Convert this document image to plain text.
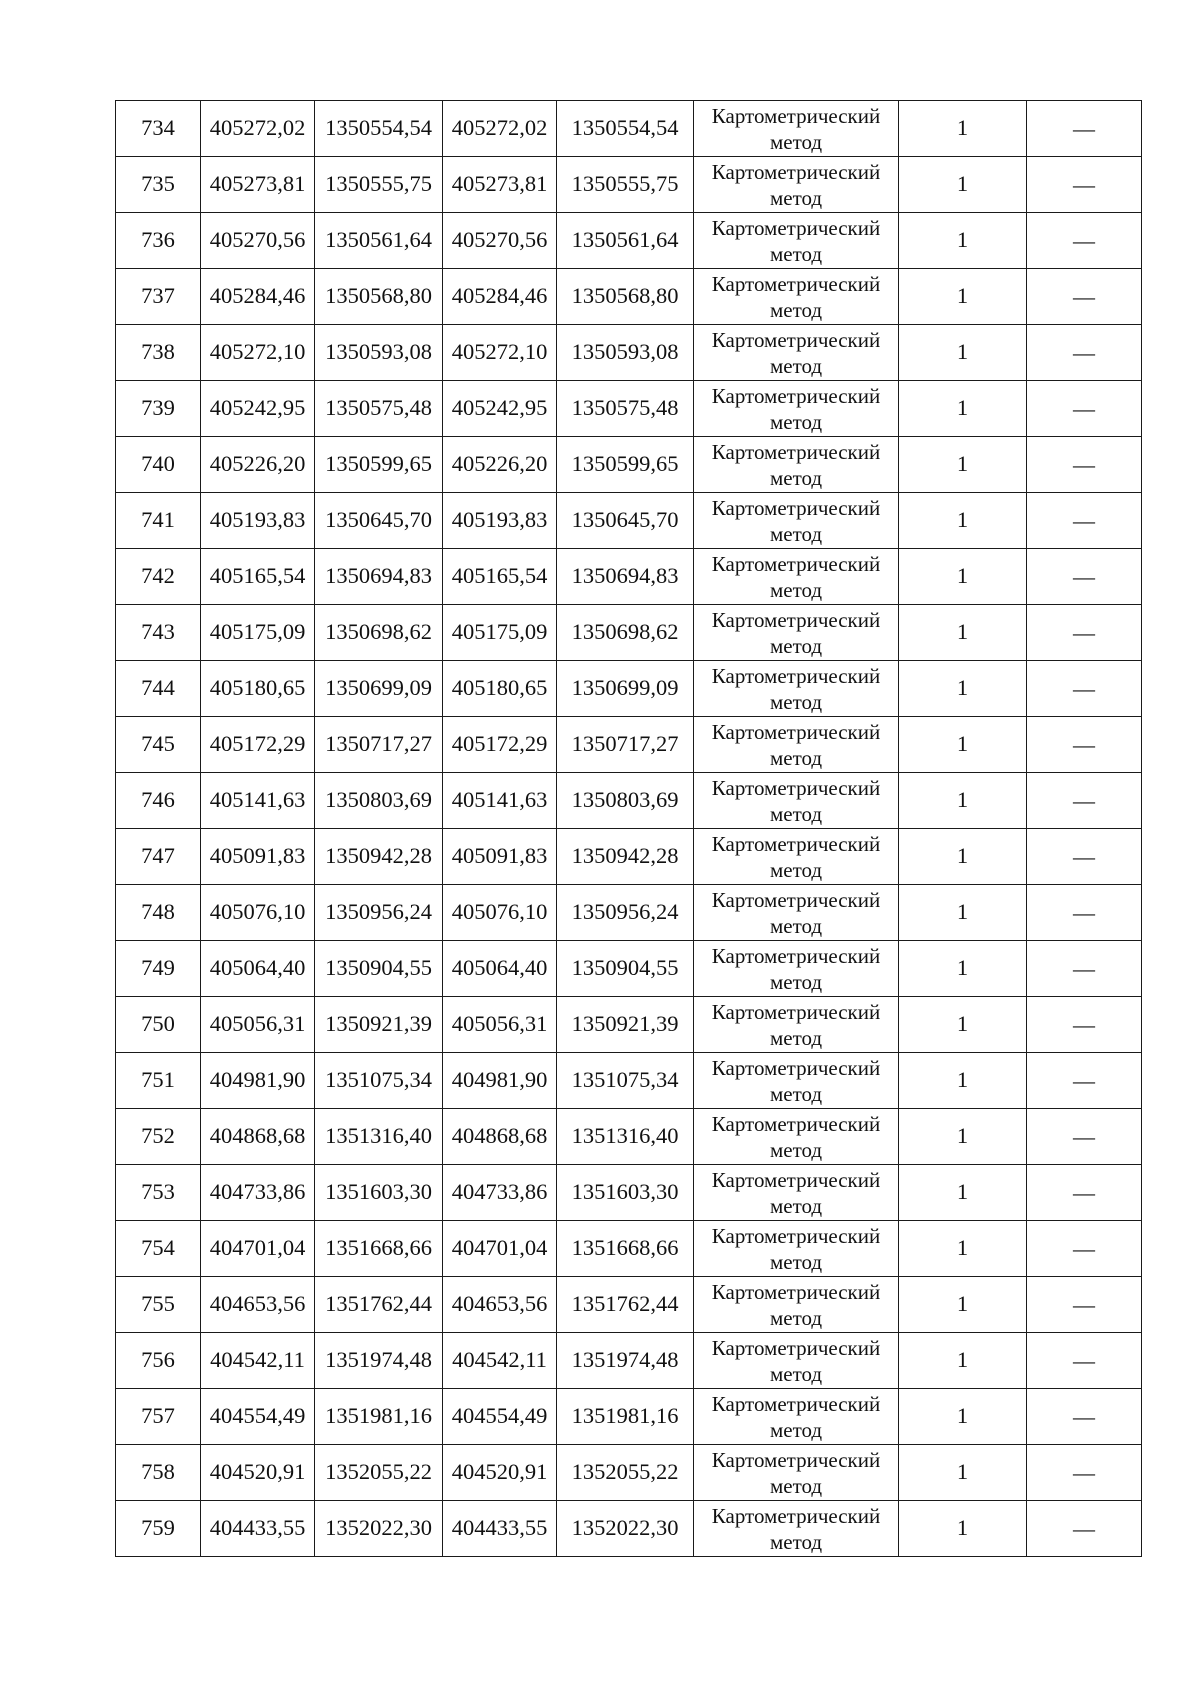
734	405272,02	1350554,54	405272,02	1350554,54	Картометрический
метод	1	—
735	405273,81	1350555,75	405273,81	1350555,75	Картометрический
метод	1	—
736	405270,56	1350561,64	405270,56	1350561,64	Картометрический
метод	1	—
737	405284,46	1350568,80	405284,46	1350568,80	Картометрический
метод	1	—
738	405272,10	1350593,08	405272,10	1350593,08	Картометрический
метод	1	—
739	405242,95	1350575,48	405242,95	1350575,48	Картометрический
метод	1	—
740	405226,20	1350599,65	405226,20	1350599,65	Картометрический
метод	1	—
741	405193,83	1350645,70	405193,83	1350645,70	Картометрический
метод	1	—
742	405165,54	1350694,83	405165,54	1350694,83	Картометрический
метод	1	—
743	405175,09	1350698,62	405175,09	1350698,62	Картометрический
метод	1	—
744	405180,65	1350699,09	405180,65	1350699,09	Картометрический
метод	1	—
745	405172,29	1350717,27	405172,29	1350717,27	Картометрический
метод	1	—
746	405141,63	1350803,69	405141,63	1350803,69	Картометрический
метод	1	—
747	405091,83	1350942,28	405091,83	1350942,28	Картометрический
метод	1	—
748	405076,10	1350956,24	405076,10	1350956,24	Картометрический
метод	1	—
749	405064,40	1350904,55	405064,40	1350904,55	Картометрический
метод	1	—
750	405056,31	1350921,39	405056,31	1350921,39	Картометрический
метод	1	—
751	404981,90	1351075,34	404981,90	1351075,34	Картометрический
метод	1	—
752	404868,68	1351316,40	404868,68	1351316,40	Картометрический
метод	1	—
753	404733,86	1351603,30	404733,86	1351603,30	Картометрический
метод	1	—
754	404701,04	1351668,66	404701,04	1351668,66	Картометрический
метод	1	—
755	404653,56	1351762,44	404653,56	1351762,44	Картометрический
метод	1	—
756	404542,11	1351974,48	404542,11	1351974,48	Картометрический
метод	1	—
757	404554,49	1351981,16	404554,49	1351981,16	Картометрический
метод	1	—
758	404520,91	1352055,22	404520,91	1352055,22	Картометрический
метод	1	—
759	404433,55	1352022,30	404433,55	1352022,30	Картометрический
метод	1	—
